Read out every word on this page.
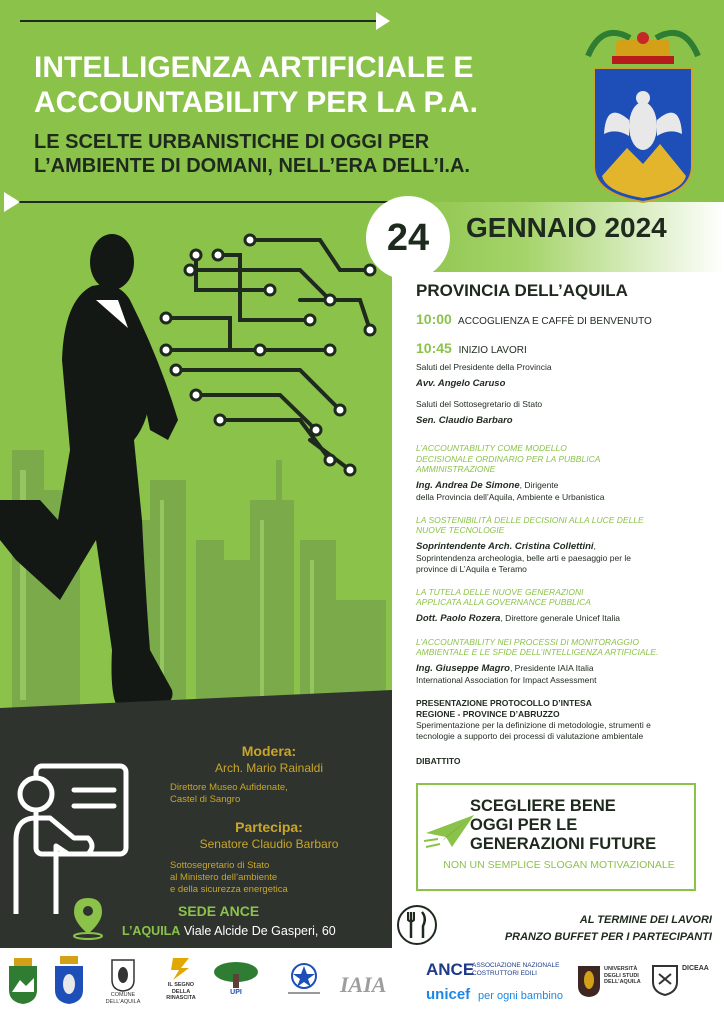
INTELLIGENZA ARTIFICIALE E
ACCOUNTABILITY PER LA P.A.
LE SCELTE URBANISTICHE DI OGGI PER
L’AMBIENTE DI DOMANI, NELL’ERA DELL’I.A.
24	GENNAIO 2024
Modera:
Arch. Mario Rainaldi
Direttore Museo Aufidenate,
Castel di Sangro
Partecipa:
Senatore Claudio Barbaro
Sottosegretario di Stato
al Ministero dell’ambiente
e della sicurezza energetica
SEDE ANCE
L’AQUILA Viale Alcide De Gasperi, 60
PROVINCIA DELL’AQUILA
10:00 ACCOGLIENZA E CAFFÈ DI BENVENUTO
10:45 INIZIO LAVORI
Saluti del Presidente della Provincia
Avv. Angelo Caruso
Saluti del Sottosegretario di Stato
Sen. Claudio Barbaro
L’ACCOUNTABILITY COME MODELLO
DECISIONALE ORDINARIO PER LA PUBBLICA
AMMINISTRAZIONE
Ing. Andrea De Simone, Dirigente
della Provincia dell’Aquila, Ambiente e Urbanistica
LA SOSTENIBILITÀ DELLE DECISIONI ALLA LUCE DELLE
NUOVE TECNOLOGIE
Soprintendente Arch. Cristina Collettini,
Soprintendenza archeologia, belle arti e paesaggio per le
province di L’Aquila e Teramo
LA TUTELA DELLE NUOVE GENERAZIONI
APPLICATA ALLA GOVERNANCE PUBBLICA
Dott. Paolo Rozera, Direttore generale Unicef Italia
L’ACCOUNTABILITY NEI PROCESSI DI MONITORAGGIO
AMBIENTALE E LE SFIDE DELL’INTELLIGENZA ARTIFICIALE.
Ing. Giuseppe Magro, Presidente IAIA Italia
International Association for Impact Assessment
PRESENTAZIONE PROTOCOLLO D’INTESA
REGIONE - PROVINCE D’ABRUZZO
Sperimentazione per la definizione di metodologie, strumenti e
tecnologie a supporto dei processi di valutazione ambientale
DIBATTITO
SCEGLIERE BENE
OGGI PER LE
GENERAZIONI FUTURE
NON UN SEMPLICE SLOGAN MOTIVAZIONALE
AL TERMINE DEI LAVORI
PRANZO BUFFET PER I PARTECIPANTI
COMUNE DELL’AQUILA
IL SEGNO
DELLA
RINASCITA
UPI	IAIA
ANCE
ASSOCIAZIONE NAZIONALE
COSTRUTTORI EDILI
unicef per ogni bambino
UNIVERSITÀ
DEGLI STUDI
DELL’AQUILA
DICEAA
